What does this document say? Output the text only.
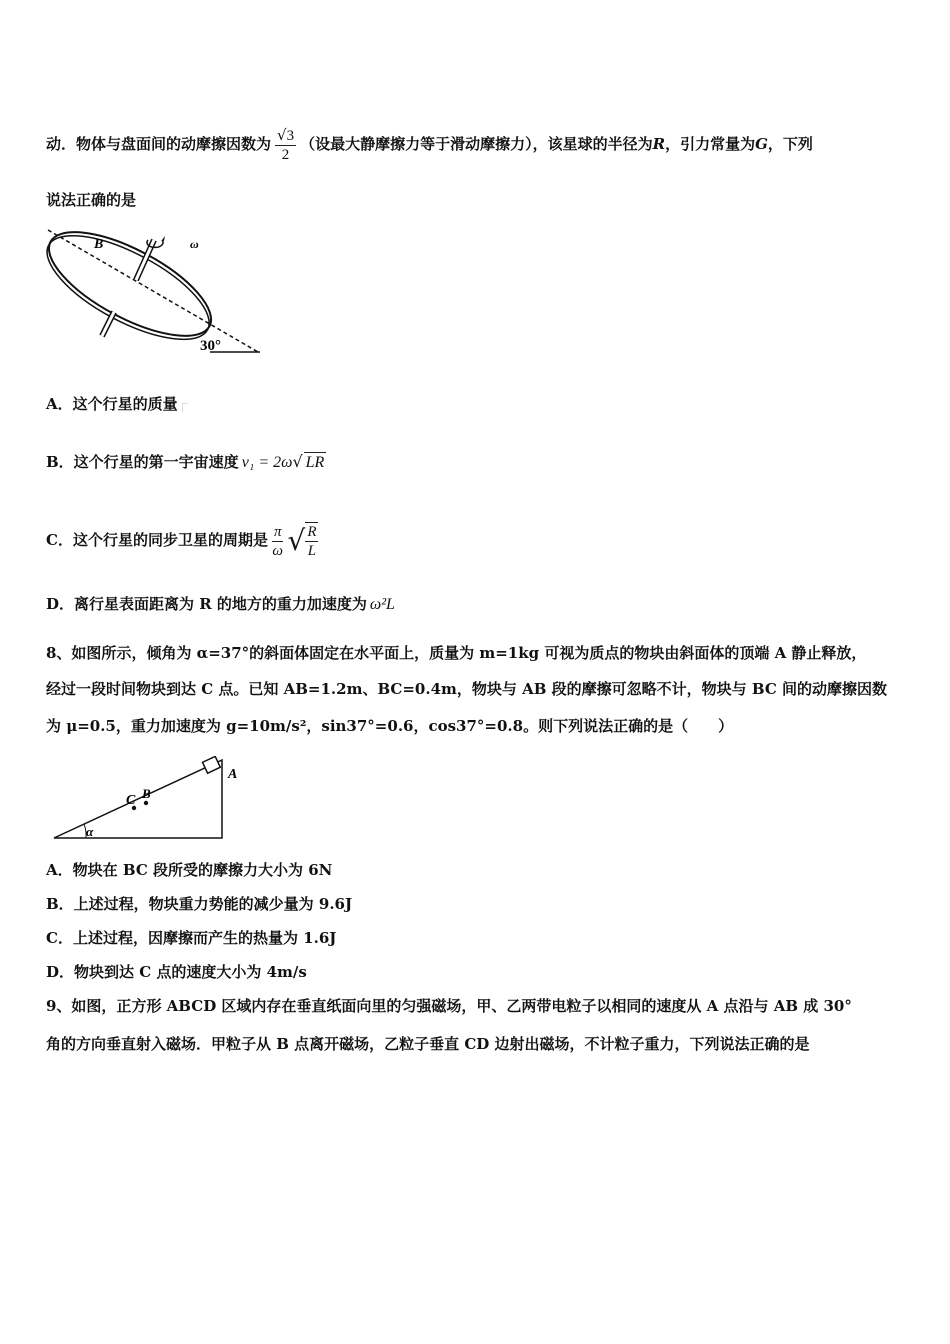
动．物体与盘面间的动摩擦因数为 $\frac{√3}{2}$ （设最大静摩擦力等于滑动摩擦力），该星球的半径为R，引力常量为G，下列
说法正确的是
B	ω
30°
A．这个行星的质量
B．这个行星的第一宇宙速度 v₁ = 2ω√ LR
C．这个行星的同步卫星的周期是 $\frac{\pi}{\omega}$ √ $\frac{R}{L}$
D．离行星表面距离为 R 的地方的重力加速度为 ω²L
8、如图所示，倾角为 α=37°的斜面体固定在水平面上，质量为 m=1kg 可视为质点的物块由斜面体的顶端 A 静止释放，
经过一段时间物块到达 C 点。已知 AB=1.2m、BC=0.4m，物块与 AB 段的摩擦可忽略不计，物块与 BC 间的动摩擦因数
为 μ=0.5，重力加速度为 g=10m/s²，sin37°=0.6，cos37°=0.8。则下列说法正确的是（　　）
A
B
C
α
A．物块在 BC 段所受的摩擦力大小为 6N
B．上述过程，物块重力势能的减少量为 9.6J
C．上述过程，因摩擦而产生的热量为 1.6J
D．物块到达 C 点的速度大小为 4m/s
9、如图，正方形 ABCD 区域内存在垂直纸面向里的匀强磁场，甲、乙两带电粒子以相同的速度从 A 点沿与 AB 成 30°
角的方向垂直射入磁场．甲粒子从 B 点离开磁场，乙粒子垂直 CD 边射出磁场，不计粒子重力，下列说法正确的是
